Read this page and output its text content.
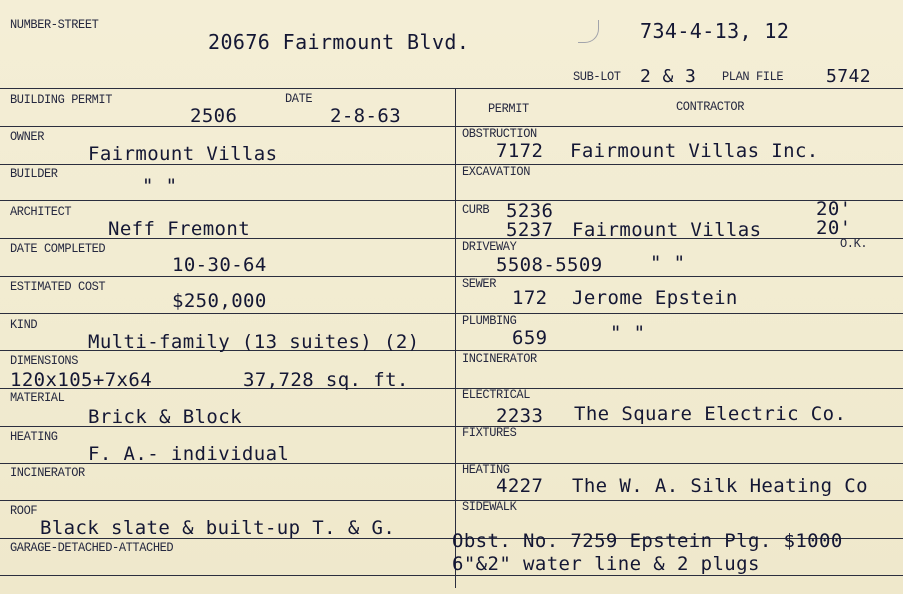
NUMBER-STREET
20676 Fairmount Blvd.	734-4-13, 12
SUB-LOT 2 & 3 PLAN FILE 5742
BUILDING PERMIT
2506
DATE
2-8-63
OWNER
Fairmount Villas
BUILDER
" "
ARCHITECT
Neff Fremont
DATE COMPLETED
10-30-64
ESTIMATED COST
$250,000
KIND
Multi-family (13 suites) (2)
DIMENSIONS
120x105+7x64	37,728 sq. ft.
MATERIAL
Brick & Block
HEATING
F. A.- individual
INCINERATOR
ROOF
Black slate & built-up T. & G.
GARAGE-DETACHED-ATTACHED
PERMIT	CONTRACTOR
OBSTRUCTION
7172 Fairmount Villas Inc.
EXCAVATION
CURB 5236	20'
5237 Fairmount Villas	20'
DRIVEWAY	O.K.
5508-5509 " "
SEWER
172 Jerome Epstein
PLUMBING
659	" "
INCINERATOR
ELECTRICAL
2233 The Square Electric Co.
FIXTURES
HEATING
4227 The W. A. Silk Heating Co
SIDEWALK
Obst. No. 7259 Epstein Plg. $1000
6"&2" water line & 2 plugs
